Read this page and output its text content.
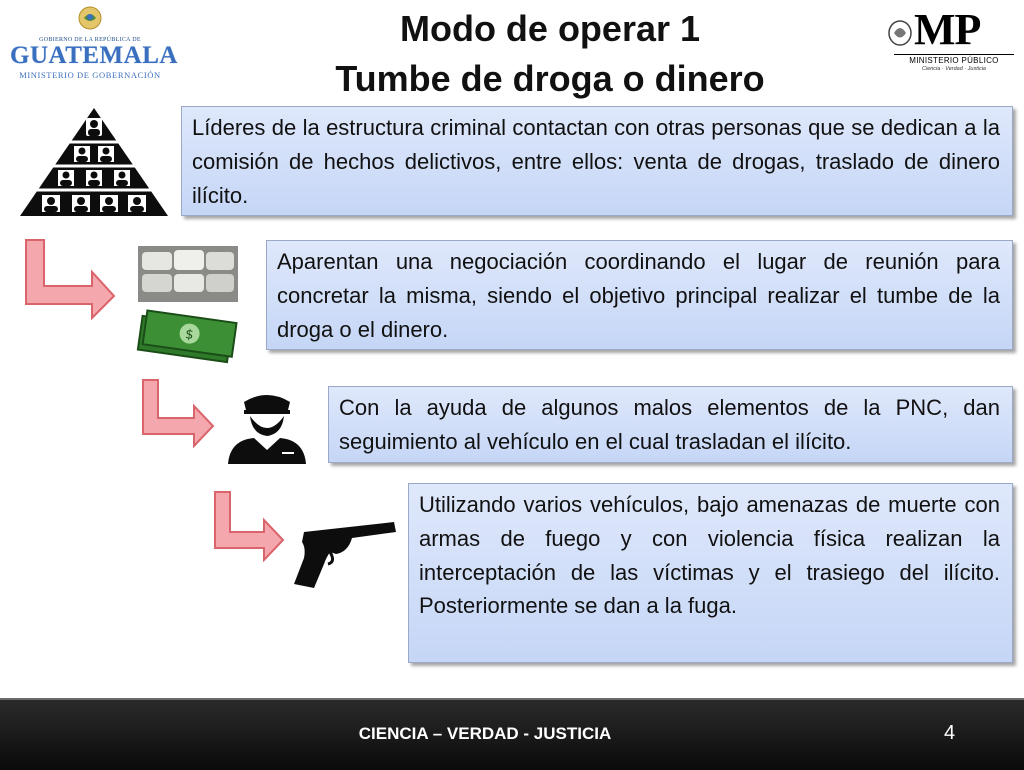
GOBIERNO DE LA REPÚBLICA DE
GUATEMALA
MINISTERIO DE GOBERNACIÓN
Modo de operar 1
Tumbe de droga o dinero
MP
MINISTERIO PÚBLICO
Ciencia · Verdad · Justicia
Líderes de la estructura criminal contactan con otras personas que se dedican a la comisión de hechos delictivos, entre ellos: venta de drogas, traslado de dinero ilícito.
$
Aparentan una negociación coordinando el lugar de reunión para concretar la misma, siendo el objetivo principal realizar el tumbe de la droga o el dinero.
Con la ayuda de algunos malos elementos de la PNC, dan seguimiento al vehículo en el cual trasladan el ilícito.
Utilizando varios vehículos, bajo amenazas de muerte con armas de fuego y con violencia física realizan la interceptación de las víctimas y el trasiego del ilícito. Posteriormente se dan a la fuga.
CIENCIA – VERDAD - JUSTICIA	4
